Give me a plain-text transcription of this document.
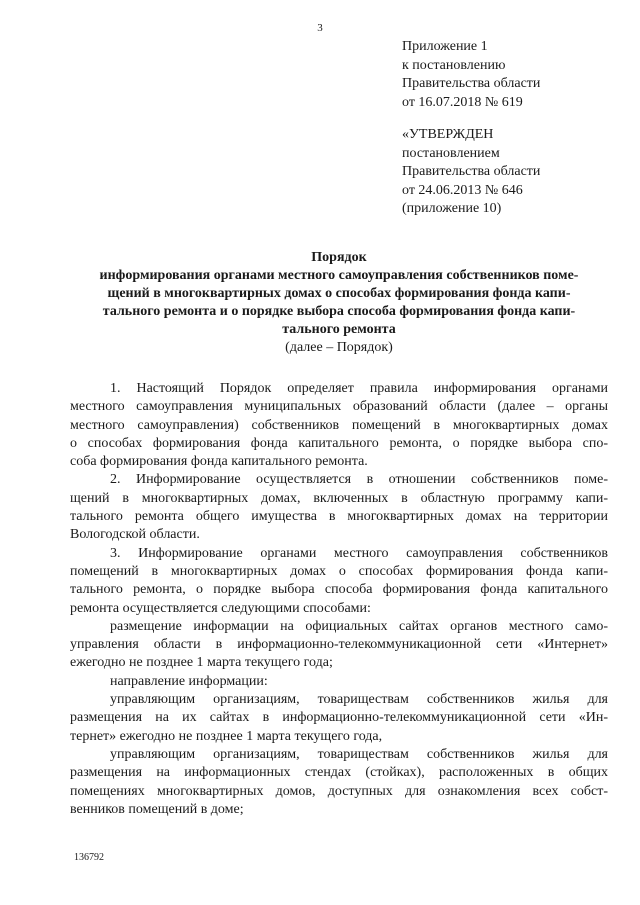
3
Приложение 1
к постановлению
Правительства области
от 16.07.2018 № 619
«УТВЕРЖДЕН
постановлением
Правительства области
от 24.06.2013 № 646
(приложение 10)
Порядок
информирования органами местного самоуправления собственников поме-
щений в многоквартирных домах о способах формирования фонда капи-
тального ремонта и о порядке выбора способа формирования фонда капи-
тального ремонта
(далее – Порядок)
1. Настоящий Порядок определяет правила информирования органами
местного самоуправления муниципальных образований области (далее – органы
местного самоуправления) собственников помещений в многоквартирных домах
о способах формирования фонда капитального ремонта, о порядке выбора спо-
соба формирования фонда капитального ремонта.
2. Информирование осуществляется в отношении собственников поме-
щений в многоквартирных домах, включенных в областную программу капи-
тального ремонта общего имущества в многоквартирных домах на территории
Вологодской области.
3. Информирование органами местного самоуправления собственников
помещений в многоквартирных домах о способах формирования фонда капи-
тального ремонта, о порядке выбора способа формирования фонда капитального
ремонта осуществляется следующими способами:
размещение информации на официальных сайтах органов местного само-
управления области в информационно-телекоммуникационной сети «Интернет»
ежегодно не позднее 1 марта текущего года;
направление информации:
управляющим организациям, товариществам собственников жилья для
размещения на их сайтах в информационно-телекоммуникационной сети «Ин-
тернет» ежегодно не позднее 1 марта текущего года,
управляющим организациям, товариществам собственников жилья для
размещения на информационных стендах (стойках), расположенных в общих
помещениях многоквартирных домов, доступных для ознакомления всех собст-
венников помещений в доме;
136792
